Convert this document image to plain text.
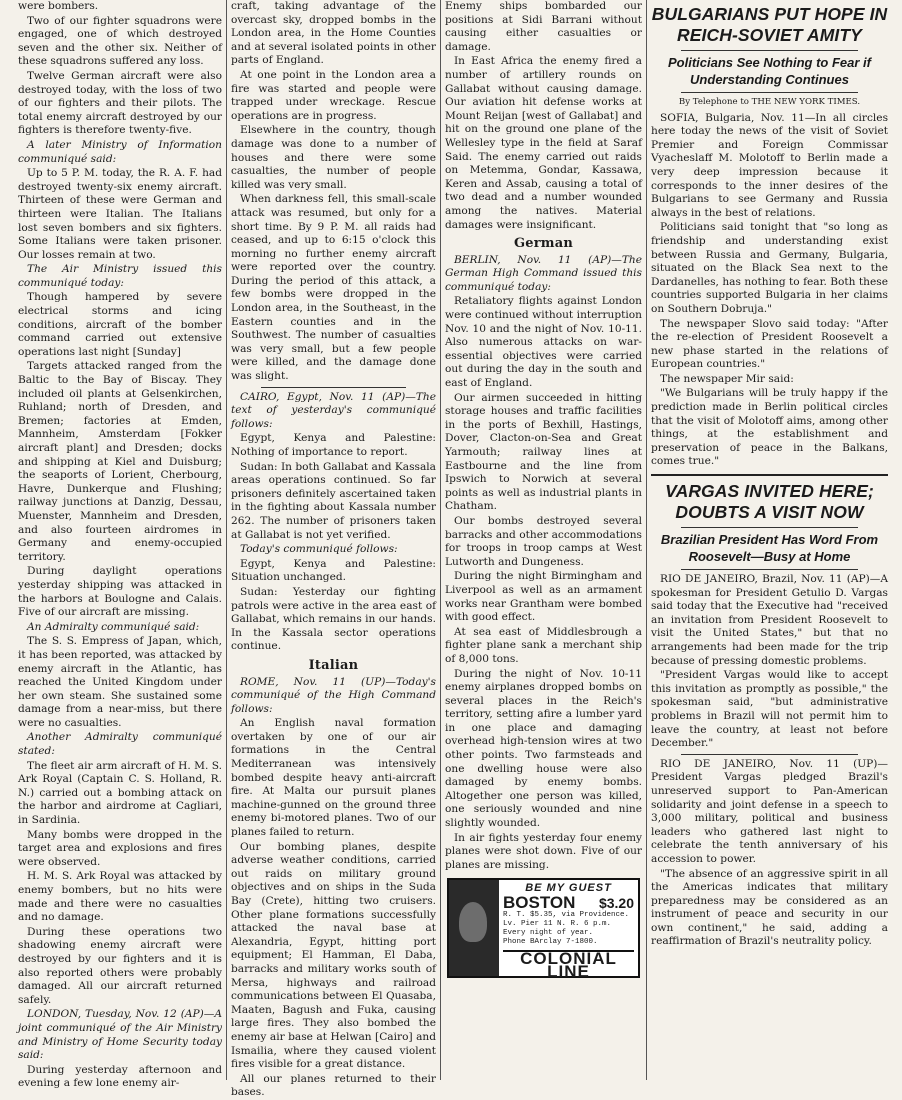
were bombers.

Two of our fighter squadrons were engaged, one of which destroyed seven and the other six. Neither of these squadrons suffered any loss.

Twelve German aircraft were also destroyed today, with the loss of two of our fighters and their pilots. The total enemy aircraft destroyed by our fighters is therefore twenty-five.

A later Ministry of Information communiqué said:

Up to 5 P. M. today, the R. A. F. had destroyed twenty-six enemy aircraft. Thirteen of these were German and thirteen were Italian. The Italians lost seven bombers and six fighters. Some Italians were taken prisoner. Our losses remain at two.

The Air Ministry issued this communiqué today:

Though hampered by severe electrical storms and icing conditions, aircraft of the bomber command carried out extensive operations last night [Sunday]

Targets attacked ranged from the Baltic to the Bay of Biscay. They included oil plants at Gelsenkirchen, Ruhland; north of Dresden, and Bremen; factories at Emden, Mannheim, Amsterdam [Fokker aircraft plant] and Dresden; docks and shipping at Kiel and Duisburg; the seaports of Lorient, Cherbourg, Havre, Dunkerque and Flushing; railway junctions at Danzig, Dessau, Muenster, Mannheim and Dresden, and also fourteen airdromes in Germany and enemy-occupied territory.

During daylight operations yesterday shipping was attacked in the harbors at Boulogne and Calais. Five of our aircraft are missing.

An Admiralty communiqué said:

The S. S. Empress of Japan, which, it has been reported, was attacked by enemy aircraft in the Atlantic, has reached the United Kingdom under her own steam. She sustained some damage from a near-miss, but there were no casualties.

Another Admiralty communiqué stated:

The fleet air arm aircraft of H. M. S. Ark Royal (Captain C. S. Holland, R. N.) carried out a bombing attack on the harbor and airdrome at Cagliari, in Sardinia.

Many bombs were dropped in the target area and explosions and fires were observed.

H. M. S. Ark Royal was attacked by enemy bombers, but no hits were made and there were no casualties and no damage.

During these operations two shadowing enemy aircraft were destroyed by our fighters and it is also reported others were probably damaged. All our aircraft returned safely.

LONDON, Tuesday, Nov. 12 (AP)—A joint communiqué of the Air Ministry and Ministry of Home Security today said:

During yesterday afternoon and evening a few lone enemy air-

craft, taking advantage of the overcast sky, dropped bombs in the London area, in the Home Counties and at several isolated points in other parts of England.

At one point in the London area a fire was started and people were trapped under wreckage. Rescue operations are in progress.

Elsewhere in the country, though damage was done to a number of houses and there were some casualties, the number of people killed was very small.

When darkness fell, this small-scale attack was resumed, but only for a short time. By 9 P. M. all raids had ceased, and up to 6:15 o'clock this morning no further enemy aircraft were reported over the country. During the period of this attack, a few bombs were dropped in the London area, in the Southeast, in the Eastern counties and in the Southwest. The number of casualties was very small, but a few people were killed, and the damage done was slight.

CAIRO, Egypt, Nov. 11 (AP)—The text of yesterday's communiqué follows:

Egypt, Kenya and Palestine: Nothing of importance to report.

Sudan: In both Gallabat and Kassala areas operations continued. So far prisoners definitely ascertained taken in the fighting about Kassala number 262. The number of prisoners taken at Gallabat is not yet verified.

Today's communiqué follows:

Egypt, Kenya and Palestine: Situation unchanged.

Sudan: Yesterday our fighting patrols were active in the area east of Gallabat, which remains in our hands. In the Kassala sector operations continue.

Italian

ROME, Nov. 11 (UP)—Today's communiqué of the High Command follows:

An English naval formation overtaken by one of our air formations in the Central Mediterranean was intensively bombed despite heavy anti-aircraft fire. At Malta our pursuit planes machine-gunned on the ground three enemy bi-motored planes. Two of our planes failed to return.

Our bombing planes, despite adverse weather conditions, carried out raids on military ground objectives and on ships in the Suda Bay (Crete), hitting two cruisers. Other plane formations successfully attacked the naval base at Alexandria, Egypt, hitting port equipment; El Hamman, El Daba, barracks and military works south of Mersa, highways and railroad communications between El Quasaba, Maaten, Bagush and Fuka, causing large fires. They also bombed the enemy air base at Helwan [Cairo] and Ismailia, where they caused violent fires visible for a great distance.

All our planes returned to their bases.

Enemy ships bombarded our positions at Sidi Barrani without causing either casualties or damage.

In East Africa the enemy fired a number of artillery rounds on Gallabat without causing damage. Our aviation hit defense works at Mount Reijan [west of Gallabat] and hit on the ground one plane of the Wellesley type in the field at Saraf Said. The enemy carried out raids on Metemma, Gondar, Kassawa, Keren and Assab, causing a total of two dead and a number wounded among the natives. Material damages were insignificant.

German

BERLIN, Nov. 11 (AP)—The German High Command issued this communiqué today:

Retaliatory flights against London were continued without interruption Nov. 10 and the night of Nov. 10-11. Also numerous attacks on war-essential objectives were carried out during the day in the south and east of England.

Our airmen succeeded in hitting storage houses and traffic facilities in the ports of Bexhill, Hastings, Dover, Clacton-on-Sea and Great Yarmouth; railway lines at Eastbourne and the line from Ipswich to Norwich at several points as well as industrial plants in Chatham.

Our bombs destroyed several barracks and other accommodations for troops in troop camps at West Lutworth and Dungeness.

During the night Birmingham and Liverpool as well as an armament works near Grantham were bombed with good effect.

At sea east of Middlesbrough a fighter plane sank a merchant ship of 8,000 tons.

During the night of Nov. 10-11 enemy airplanes dropped bombs on several places in the Reich's territory, setting afire a lumber yard in one place and damaging overhead high-tension wires at two other points. Two farmsteads and one dwelling house were also damaged by enemy bombs. Altogether one person was killed, one seriously wounded and nine slightly wounded.

In air fights yesterday four enemy planes were shot down. Five of our planes are missing.

BE MY GUEST
BOSTON $3.20
R. T. $5.35, via Providence.
Lv. Pier 11 N. R. 6 p.m.
Every night of year.
Phone BArclay 7-1800.
COLONIAL LINE
BULGARIANS PUT HOPE IN REICH-SOVIET AMITY
Politicians See Nothing to Fear if Understanding Continues
By Telephone to THE NEW YORK TIMES.

SOFIA, Bulgaria, Nov. 11—In all circles here today the news of the visit of Soviet Premier and Foreign Commissar Vyacheslaff M. Molotoff to Berlin made a very deep impression because it corresponds to the inner desires of the Bulgarians to see Germany and Russia always in the best of relations.

Politicians said tonight that "so long as friendship and understanding exist between Russia and Germany, Bulgaria, situated on the Black Sea next to the Dardanelles, has nothing to fear. Both these countries supported Bulgaria in her claims on Southern Dobruja."

The newspaper Slovo said today: "After the re-election of President Roosevelt a new phase started in the relations of European countries."

The newspaper Mir said:

"We Bulgarians will be truly happy if the prediction made in Berlin political circles that the visit of Molotoff aims, among other things, at the establishment and preservation of peace in the Balkans, comes true."

VARGAS INVITED HERE; DOUBTS A VISIT NOW
Brazilian President Has Word From Roosevelt—Busy at Home

RIO DE JANEIRO, Brazil, Nov. 11 (AP)—A spokesman for President Getulio D. Vargas said today that the Executive had "received an invitation from President Roosevelt to visit the United States," but that no arrangements had been made for the trip because of pressing domestic problems.

"President Vargas would like to accept this invitation as promptly as possible," the spokesman said, "but administrative problems in Brazil will not permit him to leave the country, at least not before December."

RIO DE JANEIRO, Nov. 11 (UP)—President Vargas pledged Brazil's unreserved support to Pan-American solidarity and joint defense in a speech to 3,000 military, political and business leaders who gathered last night to celebrate the tenth anniversary of his accession to power.

"The absence of an aggressive spirit in all the Americas indicates that military preparedness may be considered as an instrument of peace and security in our own continent," he said, adding a reaffirmation of Brazil's neutrality policy.
